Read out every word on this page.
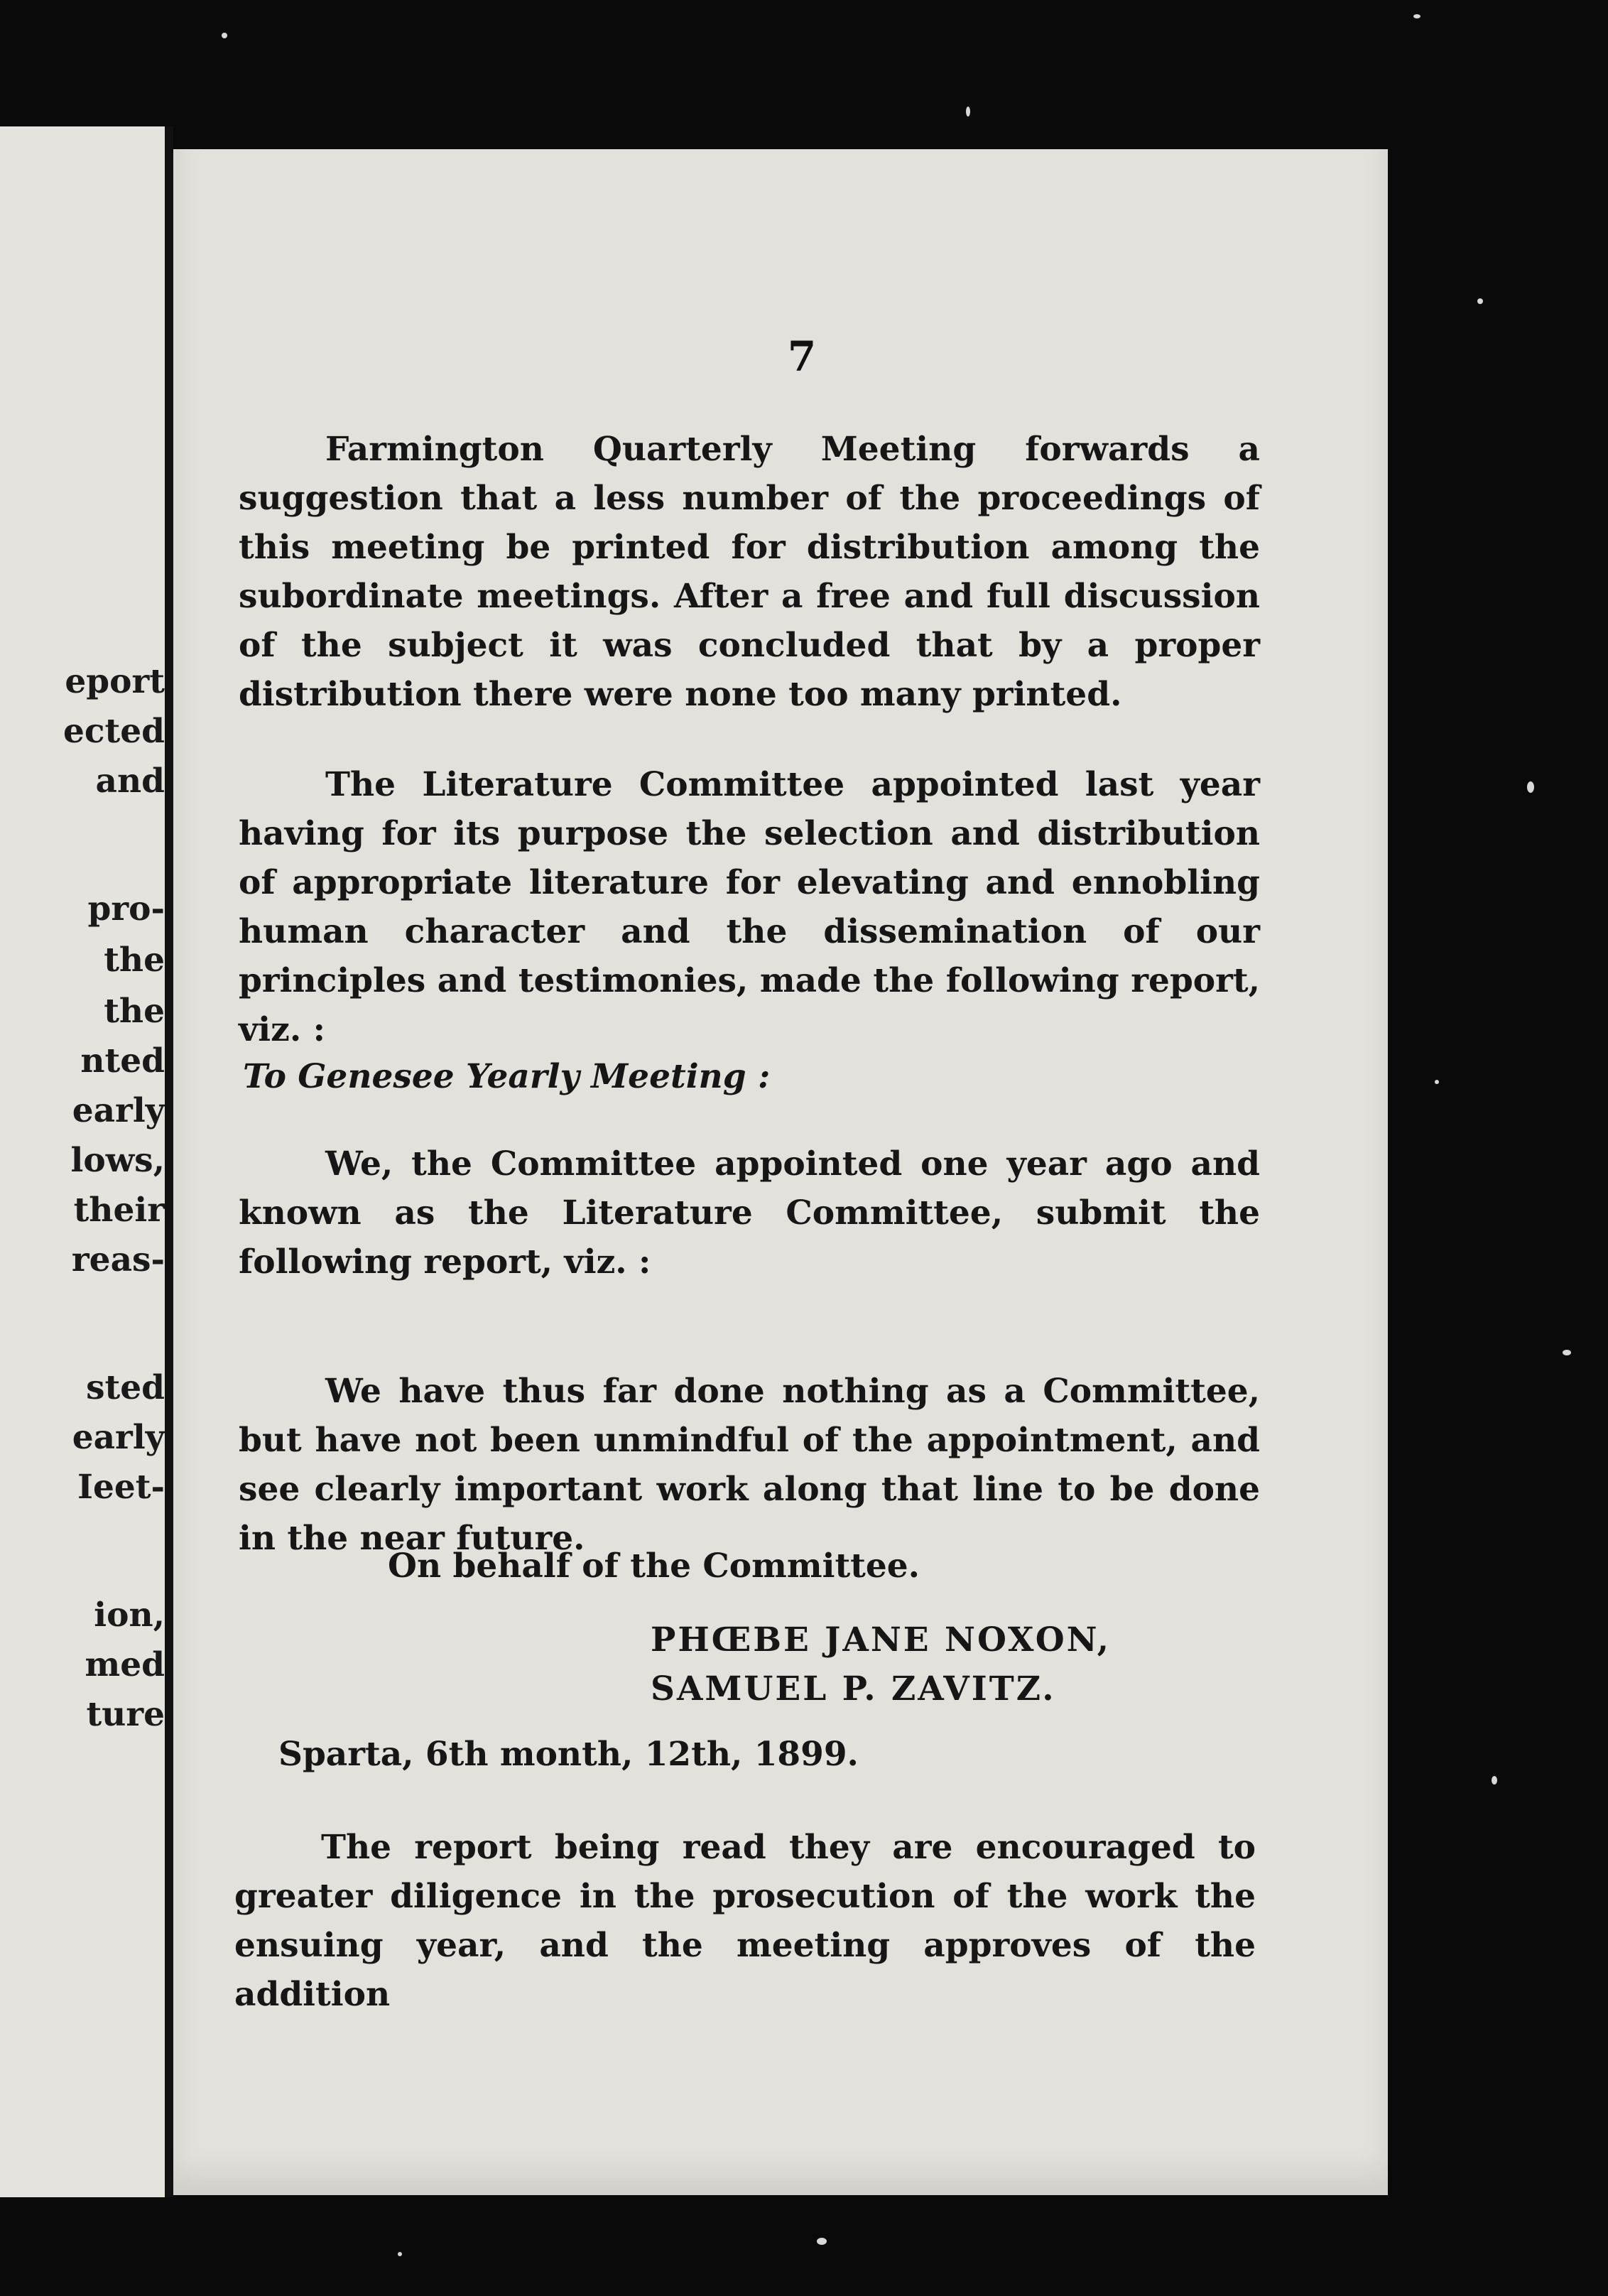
eport
ected
and
pro-
the
the
nted
early
lows,
their
reas-
sted
early
Ieet-
ion,
med
ture
7
Farmington Quarterly Meeting forwards a suggestion that a less number of the proceedings of this meeting be printed for distribution among the subordinate meetings. After a free and full discussion of the subject it was concluded that by a proper distribution there were none too many printed.
The Literature Committee appointed last year having for its purpose the selection and distribution of appropriate literature for elevating and ennobling human character and the dissemination of our principles and testimonies, made the following report, viz. :
To Genesee Yearly Meeting :
We, the Committee appointed one year ago and known as the Literature Committee, submit the following report, viz. :
We have thus far done nothing as a Committee, but have not been unmindful of the appointment, and see clearly important work along that line to be done in the near future.
On behalf of the Committee.
PHŒBE JANE NOXON,
SAMUEL P. ZAVITZ.
Sparta, 6th month, 12th, 1899.
The report being read they are encouraged to greater diligence in the prosecution of the work the ensuing year, and the meeting approves of the addition
